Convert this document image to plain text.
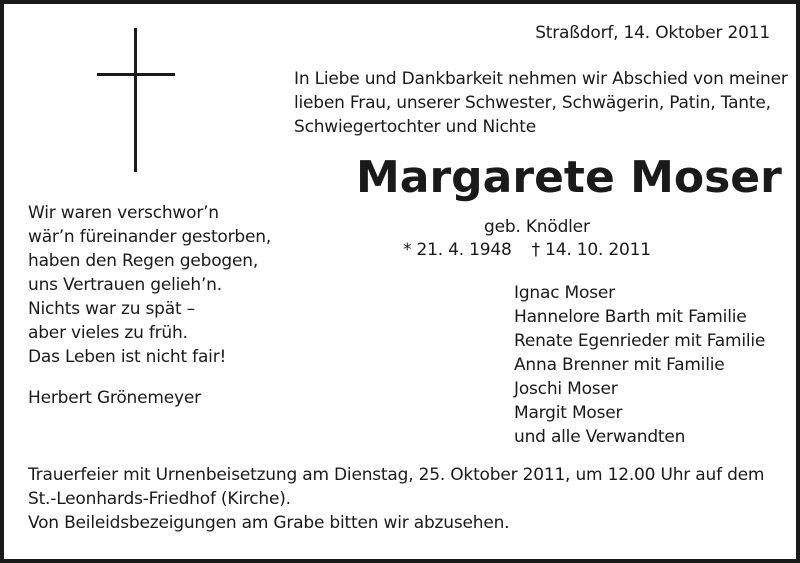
Straßdorf, 14. Oktober 2011

In Liebe und Dankbarkeit nehmen wir Abschied von meiner
lieben Frau, unserer Schwester, Schwägerin, Patin, Tante,
Schwiegertochter und Nichte
Margarete Moser

geb. Knödler

* 21. 4. 1948 † 14. 10. 2011

Wir waren verschwor’n
wär’n füreinander gestorben,
haben den Regen gebogen,
uns Vertrauen gelieh’n.
Nichts war zu spät –
aber vieles zu früh.
Das Leben ist nicht fair!

Herbert Grönemeyer

Ignac Moser
Hannelore Barth mit Familie
Renate Egenrieder mit Familie
Anna Brenner mit Familie
Joschi Moser
Margit Moser
und alle Verwandten
Trauerfeier mit Urnenbeisetzung am Dienstag, 25. Oktober 2011, um 12.00 Uhr auf dem
St.-Leonhards-Friedhof (Kirche).
Von Beileidsbezeigungen am Grabe bitten wir abzusehen.
